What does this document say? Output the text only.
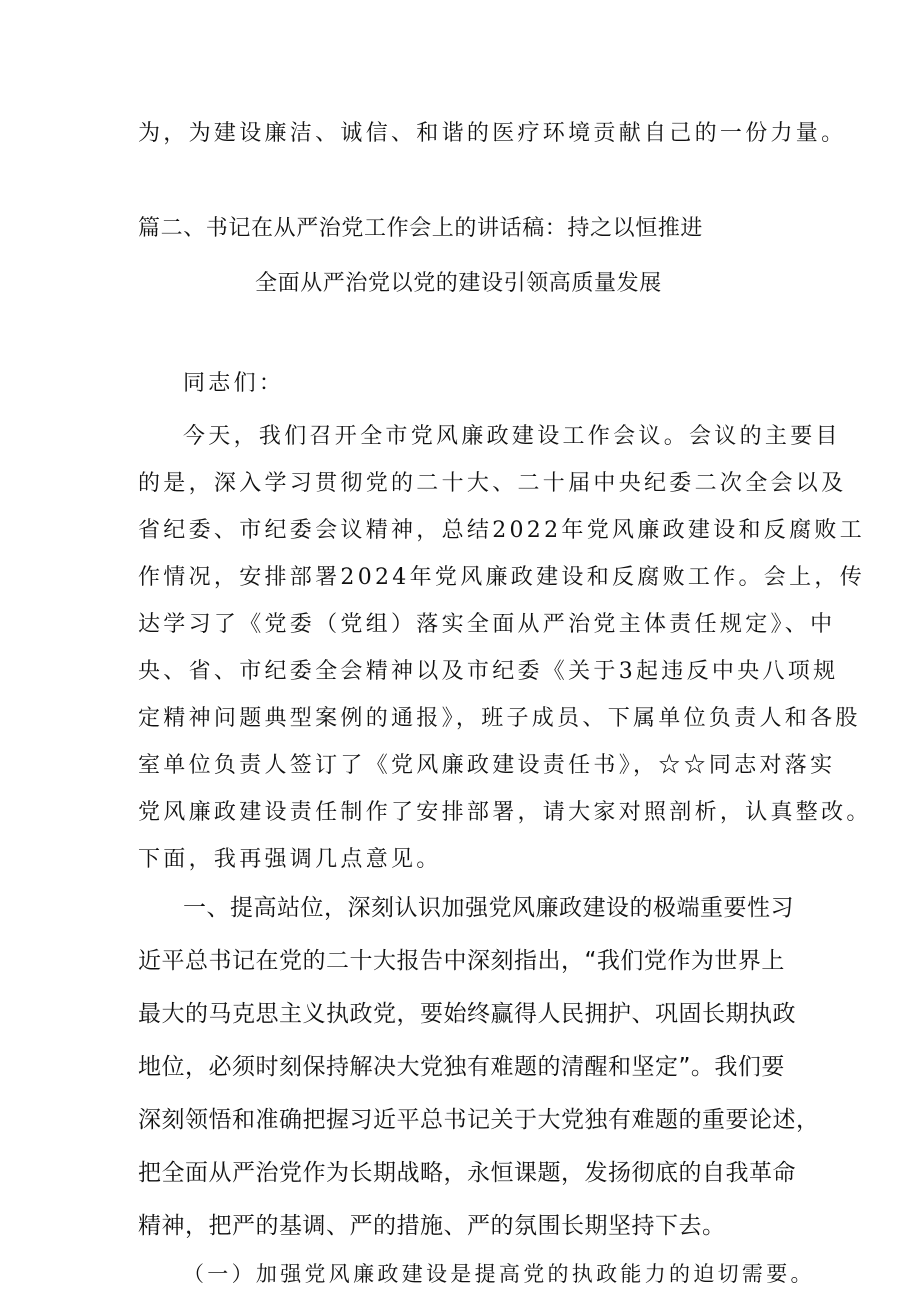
为，为建设廉洁、诚信、和谐的医疗环境贡献自己的一份力量。

篇二、书记在从严治党工作会上的讲话稿：持之以恒推进

全面从严治党以党的建设引领高质量发展

同志们：

今天，我们召开全市党风廉政建设工作会议。会议的主要目

的是，深入学习贯彻党的二十大、二十届中央纪委二次全会以及

省纪委、市纪委会议精神，总结2022年党风廉政建设和反腐败工

作情况，安排部署2024年党风廉政建设和反腐败工作。会上，传

达学习了《党委（党组）落实全面从严治党主体责任规定》、中

央、省、市纪委全会精神以及市纪委《关于3起违反中央八项规

定精神问题典型案例的通报》，班子成员、下属单位负责人和各股

室单位负责人签订了《党风廉政建设责任书》，☆☆同志对落实

党风廉政建设责任制作了安排部署，请大家对照剖析，认真整改。

下面，我再强调几点意见。

一、提高站位，深刻认识加强党风廉政建设的极端重要性习

近平总书记在党的二十大报告中深刻指出，“我们党作为世界上

最大的马克思主义执政党，要始终赢得人民拥护、巩固长期执政

地位，必须时刻保持解决大党独有难题的清醒和坚定”。我们要

深刻领悟和准确把握习近平总书记关于大党独有难题的重要论述，

把全面从严治党作为长期战略，永恒课题，发扬彻底的自我革命

精神，把严的基调、严的措施、严的氛围长期坚持下去。

（一）加强党风廉政建设是提高党的执政能力的迫切需要。
